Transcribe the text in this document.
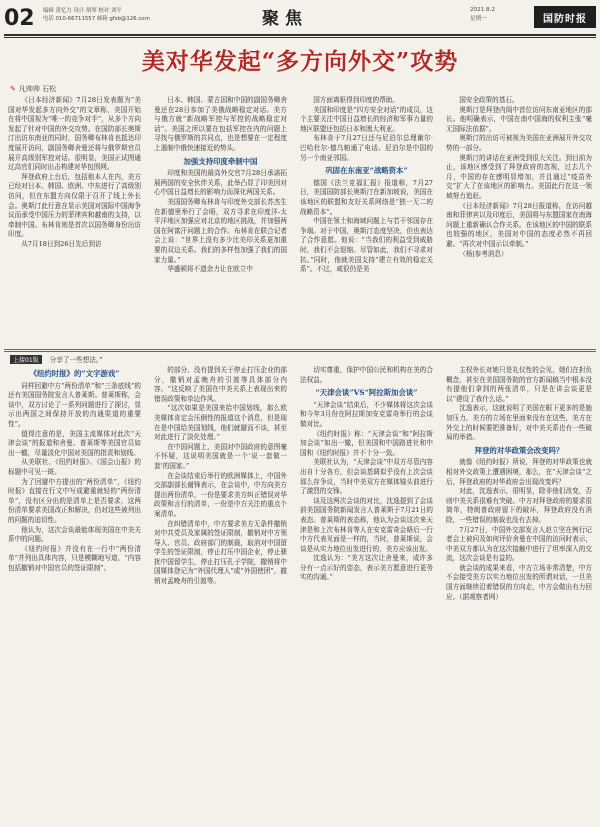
02 编辑 黄忆力 设计 胡琴 校对 刘平
电话 010-66711557 邮箱 gfsb@126.com	聚焦	2021.8.2
星期一	国防时报
美对华发起“多方向外交”攻势
✎ 凡帅帅 石松

《日本经济新闻》7月28日发表题为“美国对华发起多方向外交”的文章称，美国开始在将中国视为“唯一的竞争对手”，从多个方向发起了针对中国的外交攻势。在国防部长奥斯汀出访东南亚的同时，国务卿布林肯也抵达印度展开访问，副国务卿舍曼还将与俄罗斯官员展开高级别军控对话。很明显，美国正试图通过高官们同时出击构建对华包围网。

拜登政府上台后，包括他本人在内，美方已经对日本、韩国、欧洲、中东进行了高级别访问，但在东盟方向仅限于召开了线上外长会。奥斯汀此行意在显示美国对国际中国海争议而承受中国压力的菲律宾和越南的支持，以牵制中国。布林肯则是首次以国务卿身份出访印度。

从7月18日到26日先后到访

日本、韩国、蒙古国和中国的副国务卿舍曼还在28日参加了美俄战略稳定对话。美方与俄方就“新战略军控与军控的战略稳定对话”。美国之所以要在包括军控在内的问题上寻找与俄罗斯的共同点，也是想要在一定程度上遏制中俄快速接近的势头。

加强支持印度牵制中国

印度和美国的最高外交官7月28日承诺拓展两国的安全伙伴关系，此举凸显了印美因对心中国日益增长的影响力而深化两国关系。

美国国务卿布林肯与印度外交部长苏杰生在新德里举行了会晤，双方寻求在印度洋-太平洋地区加强应对北京的地区挑战，并加强两国在阿富汗问题上的合作。布林肯在联合记者会上说：“世界上没有多少比美印关系更加重要的双边关系。我们的多样性加强了我们的国家力量。”

华盛顿将不遗余力让在欧立中

国方面离驱得到印度的帮助。

美国和印度是“四方安全对话”的成员，这个主要关注中国日益增长的经济和军事力量的地区联盟还包括日本和澳大利亚。

布林肯于7月27日还与尼泊尔总理谢尔·巴哈杜尔·德乌帕通了电话。尼泊尔是中国的另一个南亚邻国。

巩固在东南亚“战略资本”

德国《法兰克福汇报》报道称，7月27日，美国国防部长奥斯汀在新加坡说，美国在该地区的联盟和友好关系网络是“独一无二的战略资本”。

中国在领土和海域问题上与若干邻国存在争端。对于中国，奥斯汀态度坚决，但也表达了合作意愿。他说：“当我们的利益受到威胁时，我们不会退缩。尽管如此，我们不寻求对抗。”同时，他就美国支持“建立有效的稳定关系”。不过，咸很仍是美

国安全政策的基石。

奥斯汀是拜登内阁中首位访问东南亚地区的部长。他明确表示，中国在南中国海的权利主张“毫无国际法依据”。

奥斯汀的出访可被视为美国在亚洲展开外交攻势的一部分。

奥斯汀的讲话在亚洲受到很大关注。到目前为止，该地区感受到了拜登政府的忽视，过去几个月，中国的存在感明显增加，并且通过“疫苗外交”扩大了在该地区的影响力。美国此行在这一领域努力追赶。

《日本经济新闻》7月28日报道称，在访问越南和菲律宾以及印度后，美国将与东盟国家在南海问题上重新确认合作关系。在该地区的中国的联系也较强的地区，美国对中国的态度必然不再回避。“再次对中国示以牵制。”

（杨|参考消息）

上接01版 分享了一些想法。”
《纽约时报》的“文字游戏”

同样回避中方“两份清单”和“三条底线”的还有美国国务院发言人普莱斯。普莱斯称，会谈中，双方讨论了一系列问题进行了探讨，显示出两国之间保持开放的沟通渠道的重要性”。

值得注意的是，美国主流媒体对此次“天津会谈”的报道和舍曼、普莱斯等美国官员如出一辙，尽量淡化中国对美国的指责和划线。

从美联社、《纽约时报》、《国会山报》的标题中可见一斑。

为了回避中方提出的“两份清单”，《纽约时报》直接在行文中写成避重就轻的“两份清单”，没有区分出的是清单上是否要求，这两份清单要求美国改正和解决，仍对这些被列出的问题的迫切性。

他认为，这次会谈最能体现美国在中美关系中的问题。

《纽约时报》并没有在一行中“两份清单”并列出具体内容，只是模糊地写道，“内容包括撤销对中国官员的签证限制”。

的部分、没有提到关于停止打压企业的部分，撤销对孟晚舟的引渡等具体部分内容。“这反映了美国在中美关系上表现出来的错误政策和单边作风。

“这次如果是美国来给中国划线，那么欧美媒体肯定会压倒性的报道这个消息，但是现在是中国给美国划线，他们就避而不谈，甚至对此进行了淡化处理。”

在中国问题上，美国对中国政府的意图毫不怀疑，这说明美国就是一个‘说一套做一套’的国家。”

在会谈结束后举行的欧洲媒体上，中国外交部副部长谢锋表示，在会谈中，中方向美方提出两份清单，一份是要求美方纠正错误对华政策和言行的清单，一份是中方关注的重点个案清单。

在纠错清单中，中方要求美方无条件撤销对中共党员及家属的签证限制，撤销对中方领导人、官员、政府部门的制裁，取消对中国留学生的签证限制，停止打压中国企业，停止骚扰中国留学生，停止打压孔子学院，撤销将中国媒体登记为“外国代理人”或“外国使团”，撤销对孟晚舟的引渡等。

切实尊重，保护中国公民和机构在美的合法权益。

“天津会谈”VS“阿拉斯加会谈”

“天津会谈”结束后，不少媒体将这次会谈和今年3月份在阿拉斯加安克雷奇举行的会谈做对比。

《纽约时报》称：“天津会谈”和“阿拉斯加会谈”如出一辙，但美国和中国路进社和中国和《纽约时报》并不十分一致。

美联社认为，“天津会谈”中双方尽管内容出自十分各方，但会谈基调似乎没有上次会谈那么存争议，当时中美双方在媒体镜头前进行了激烈的交锋。

谈及这两次会谈的对比，沈逸提到了会谈前美国国务院新闻发言人普莱斯于7月21日的表态。普莱斯的表态称，他认为会谈这次来天津是和上次布林肯等人在安克雷奇会晤后一行中方代表见面是一样的，当时，普莱斯说，会谈是从实力地位出发进行的，美方应该出发。

沈逸认为：“美方这次让舍曼来，成许多分有一点示好的姿态，表示美方愿意进行更务实的沟通。”

主权外长对她只是礼仪性的会见，她们在担负概念，甚至在美国国务院的官方新闻稿当中根本没有提他们拿到的两张清单，只是在讲会谈更是以“建设了我什么话。”

沈逸表示，这就说明了美国在眼下更多的是施加压力，美方的立场在里面来没有在这些，美方在外交上的时候要把准备好，对中美关系也有一些破局的举措。

拜登的对华政策会改变吗？

就像《纽约时报》所说，拜登的对华政策也就相对外交政策上遭遇困境，那么，在“天津会谈”之后，拜登政府的对华政府会出现改变吗？

对此，沈逸表示，很明显，除非他们改变，否则中美关系很难有突破。中方对拜登政府的要求很简单，特朗普政府留下的破坏，拜登政府没有消除，一些错误的制裁也没有去掉。

7月27日，中国外交部发言人赵立坚在例行记者会上被问及如何评价舍曼在中国的访问时表示，中美双方都认为在这次接触中进行了坦率深入的交流，这次会谈是有益的。

就会谈的成果来看，中方立场非常清楚，中方不会接受美方以实力地位出发的所谓对话，一旦美国方面继续沿着错误的方向走，中方会做出有力回应。（据观察者网）
